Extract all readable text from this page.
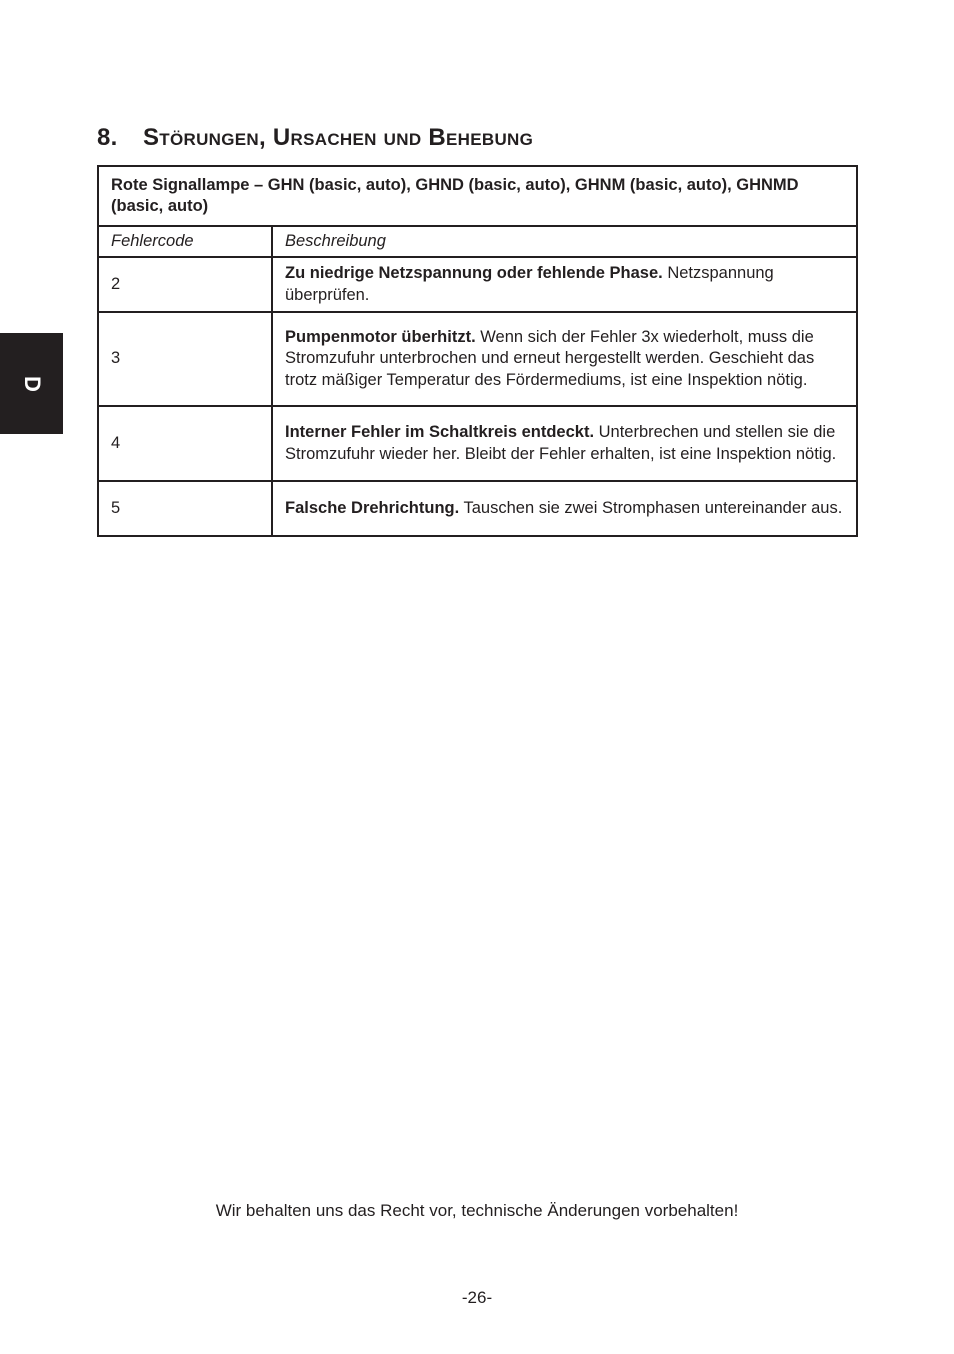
D
8. Störungen, Ursachen und Behebung
Rote Signallampe – GHN (basic, auto), GHND (basic, auto), GHNM (basic, auto), GHNMD (basic, auto)	
Fehlercode	Beschreibung
2	Zu niedrige Netzspannung oder fehlende Phase. Netzspannung überprüfen.
3	Pumpenmotor überhitzt. Wenn sich der Fehler 3x wiederholt, muss die Stromzufuhr unterbrochen und erneut hergestellt werden. Geschieht das trotz mäßiger Temperatur des Fördermediums, ist eine Inspektion nötig.
4	Interner Fehler im Schaltkreis entdeckt. Unterbrechen und stellen sie die Stromzufuhr wieder her. Bleibt der Fehler erhalten, ist eine Inspektion nötig.
5	Falsche Drehrichtung. Tauschen sie zwei Stromphasen untereinander aus.
Wir behalten uns das Recht vor, technische Änderungen vorbehalten!
-26-
